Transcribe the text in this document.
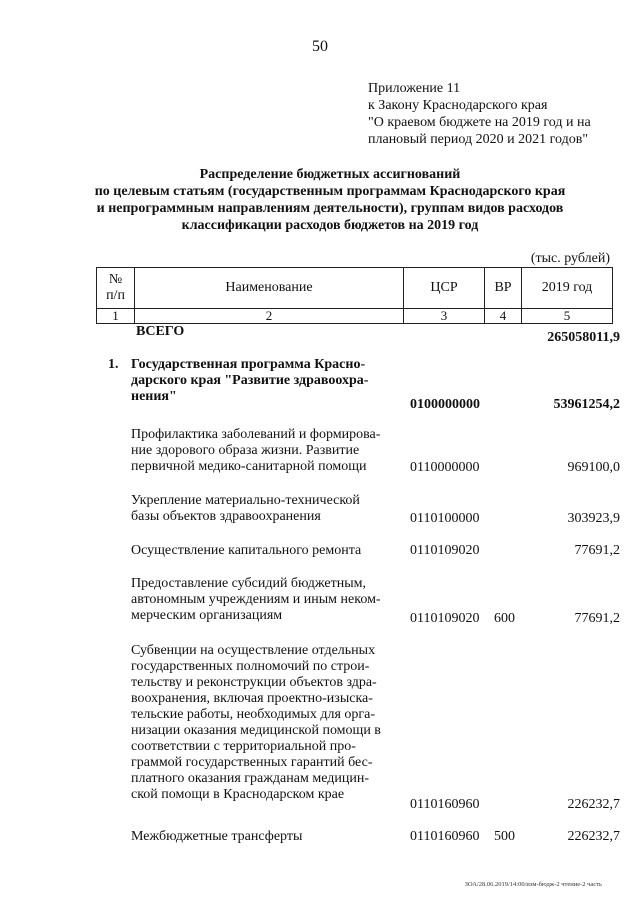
50
Приложение 11
к Закону Краснодарского края
"О краевом бюджете на 2019 год и на
плановый период 2020 и 2021 годов"
Распределение бюджетных ассигнований
по целевым статьям (государственным программам Краснодарского края
и непрограммным направлениям деятельности), группам видов расходов
классификации расходов бюджетов на 2019 год
(тыс. рублей)
№
п/п	Наименование	ЦСР	ВР	2019 год
1	2	3	4	5
ВСЕГО	265058011,9
1. Государственная программа Красно-
дарского края "Развитие здравоохра-
нения"
0100000000	53961254,2
Профилактика заболеваний и формирова-
ние здорового образа жизни. Развитие
первичной медико-санитарной помощи	0110000000	969100,0
Укрепление материально-технической
базы объектов здравоохранения	0110100000	303923,9
Осуществление капитального ремонта	0110109020	77691,2
Предоставление субсидий бюджетным,
автономным учреждениям и иным неком-
мерческим организациям	0110109020 600	77691,2
Субвенции на осуществление отдельных
государственных полномочий по строи-
тельству и реконструкции объектов здра-
воохранения, включая проектно-изыска-
тельские работы, необходимых для орга-
низации оказания медицинской помощи в
соответствии с территориальной про-
граммой государственных гарантий бес-
платного оказания гражданам медицин-
ской помощи в Краснодарском крае
0110160960	226232,7
Межбюджетные трансферты	0110160960 500	226232,7
ЗОА/28.06.2019/14:00/изм-бюдж-2 чтение-2 часть
